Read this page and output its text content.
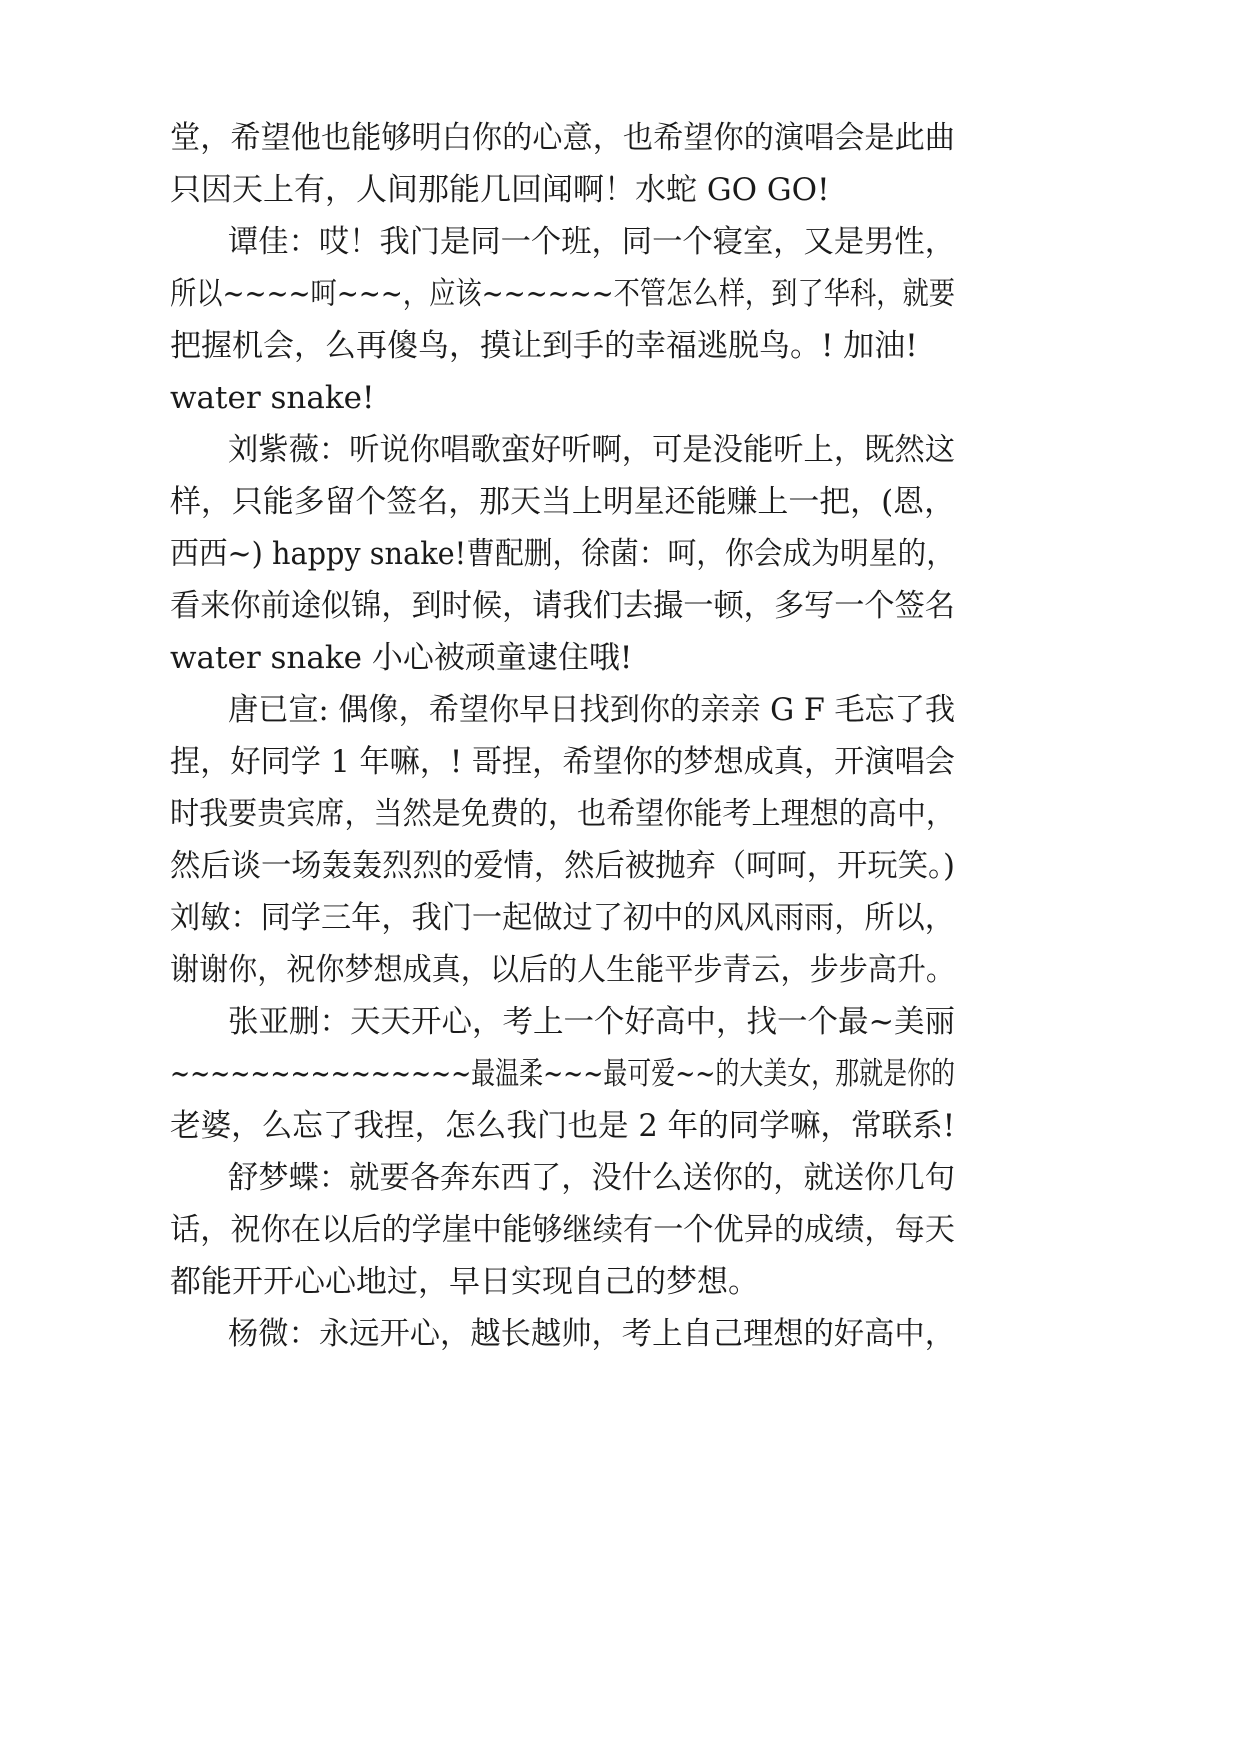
堂，希望他也能够明白你的心意，也希望你的演唱会是此曲
只因天上有，人间那能几回闻啊！水蛇 GO GO!
谭佳：哎！我门是同一个班，同一个寝室，又是男性，
所以~~~~呵~~~，应该~~~~~~不管怎么样，到了华科，就要
把握机会，么再傻鸟，摸让到手的幸福逃脱鸟。! 加油!
water snake!
刘紫薇：听说你唱歌蛮好听啊，可是没能听上，既然这
样，只能多留个签名，那天当上明星还能赚上一把，(恩，
西西~) happy snake!曹配删，徐菌：呵，你会成为明星的，
看来你前途似锦，到时候，请我们去撮一顿，多写一个签名
water snake 小心被顽童逮住哦!
唐已宣: 偶像，希望你早日找到你的亲亲 G F 毛忘了我
捏，好同学 1 年嘛，! 哥捏，希望你的梦想成真，开演唱会
时我要贵宾席，当然是免费的，也希望你能考上理想的高中，
然后谈一场轰轰烈烈的爱情，然后被抛弃（呵呵，开玩笑。)
刘敏：同学三年，我门一起做过了初中的风风雨雨，所以，
谢谢你，祝你梦想成真，以后的人生能平步青云，步步高升。
张亚删：天天开心，考上一个好高中，找一个最~美丽
~~~~~~~~~~~~~~~最温柔~~~最可爱~~的大美女，那就是你的
老婆，么忘了我捏，怎么我门也是 2 年的同学嘛，常联系!
舒梦蝶：就要各奔东西了，没什么送你的，就送你几句
话，祝你在以后的学崖中能够继续有一个优异的成绩，每天
都能开开心心地过，早日实现自己的梦想。
杨微：永远开心，越长越帅，考上自己理想的好高中，
